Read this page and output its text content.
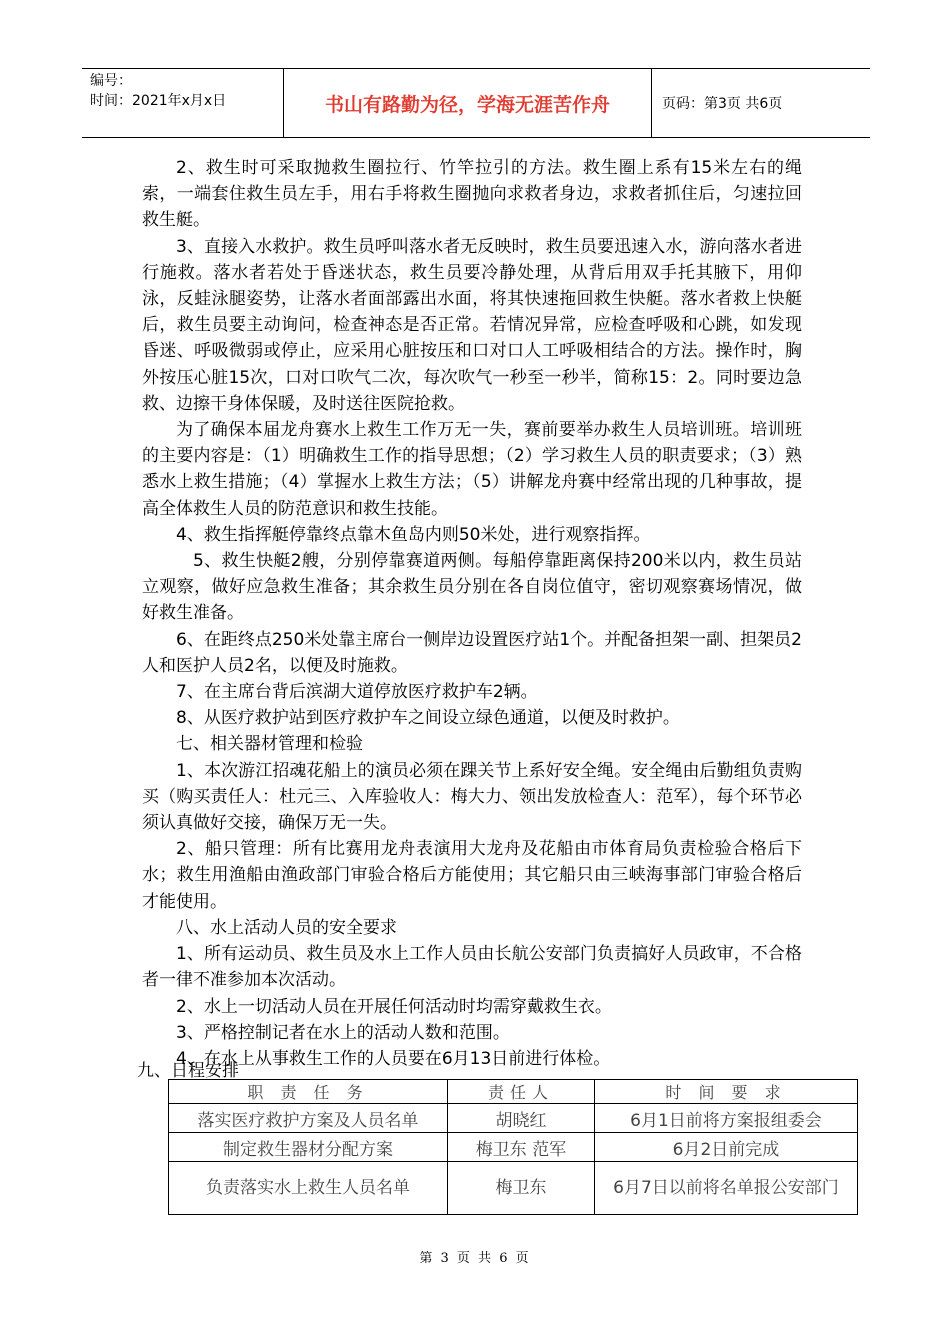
编号：
时间：2021年x月x日	书山有路勤为径，学海无涯苦作舟	页码：第3页 共6页

2、救生时可采取抛救生圈拉行、竹竿拉引的方法。救生圈上系有15米左右的绳索，一端套住救生员左手，用右手将救生圈抛向求救者身边，求救者抓住后，匀速拉回救生艇。

3、直接入水救护。救生员呼叫落水者无反映时，救生员要迅速入水，游向落水者进行施救。落水者若处于昏迷状态，救生员要冷静处理，从背后用双手托其腋下，用仰泳，反蛙泳腿姿势，让落水者面部露出水面，将其快速拖回救生快艇。落水者救上快艇后，救生员要主动询问，检查神态是否正常。若情况异常，应检查呼吸和心跳，如发现昏迷、呼吸微弱或停止，应采用心脏按压和口对口人工呼吸相结合的方法。操作时，胸外按压心脏15次，口对口吹气二次，每次吹气一秒至一秒半，简称15：2。同时要边急救、边擦干身体保暖，及时送往医院抢救。

为了确保本届龙舟赛水上救生工作万无一失，赛前要举办救生人员培训班。培训班的主要内容是：（1）明确救生工作的指导思想；（2）学习救生人员的职责要求；（3）熟悉水上救生措施；（4）掌握水上救生方法；（5）讲解龙舟赛中经常出现的几种事故，提高全体救生人员的防范意识和救生技能。

4、救生指挥艇停靠终点靠木鱼岛内则50米处，进行观察指挥。

5、救生快艇2艘，分别停靠赛道两侧。每船停靠距离保持200米以内，救生员站立观察，做好应急救生准备；其余救生员分别在各自岗位值守，密切观察赛场情况，做好救生准备。

6、在距终点250米处靠主席台一侧岸边设置医疗站1个。并配备担架一副、担架员2人和医护人员2名，以便及时施救。

7、在主席台背后滨湖大道停放医疗救护车2辆。

8、从医疗救护站到医疗救护车之间设立绿色通道，以便及时救护。

七、相关器材管理和检验

1、本次游江招魂花船上的演员必须在踝关节上系好安全绳。安全绳由后勤组负责购买（购买责任人：杜元三、入库验收人：梅大力、领出发放检查人：范军），每个环节必须认真做好交接，确保万无一失。

2、船只管理：所有比赛用龙舟表演用大龙舟及花船由市体育局负责检验合格后下水；救生用渔船由渔政部门审验合格后方能使用；其它船只由三峡海事部门审验合格后才能使用。

八、水上活动人员的安全要求

1、所有运动员、救生员及水上工作人员由长航公安部门负责搞好人员政审，不合格者一律不准参加本次活动。

2、水上一切活动人员在开展任何活动时均需穿戴救生衣。

3、严格控制记者在水上的活动人数和范围。

4、在水上从事救生工作的人员要在6月13日前进行体检。

九、日程安排
职 责 任 务	责任人	时 间 要 求
落实医疗救护方案及人员名单	胡晓红	6月1日前将方案报组委会
制定救生器材分配方案	梅卫东 范军	6月2日前完成
负责落实水上救生人员名单	梅卫东	6月7日以前将名单报公安部门
第 3 页 共 6 页
